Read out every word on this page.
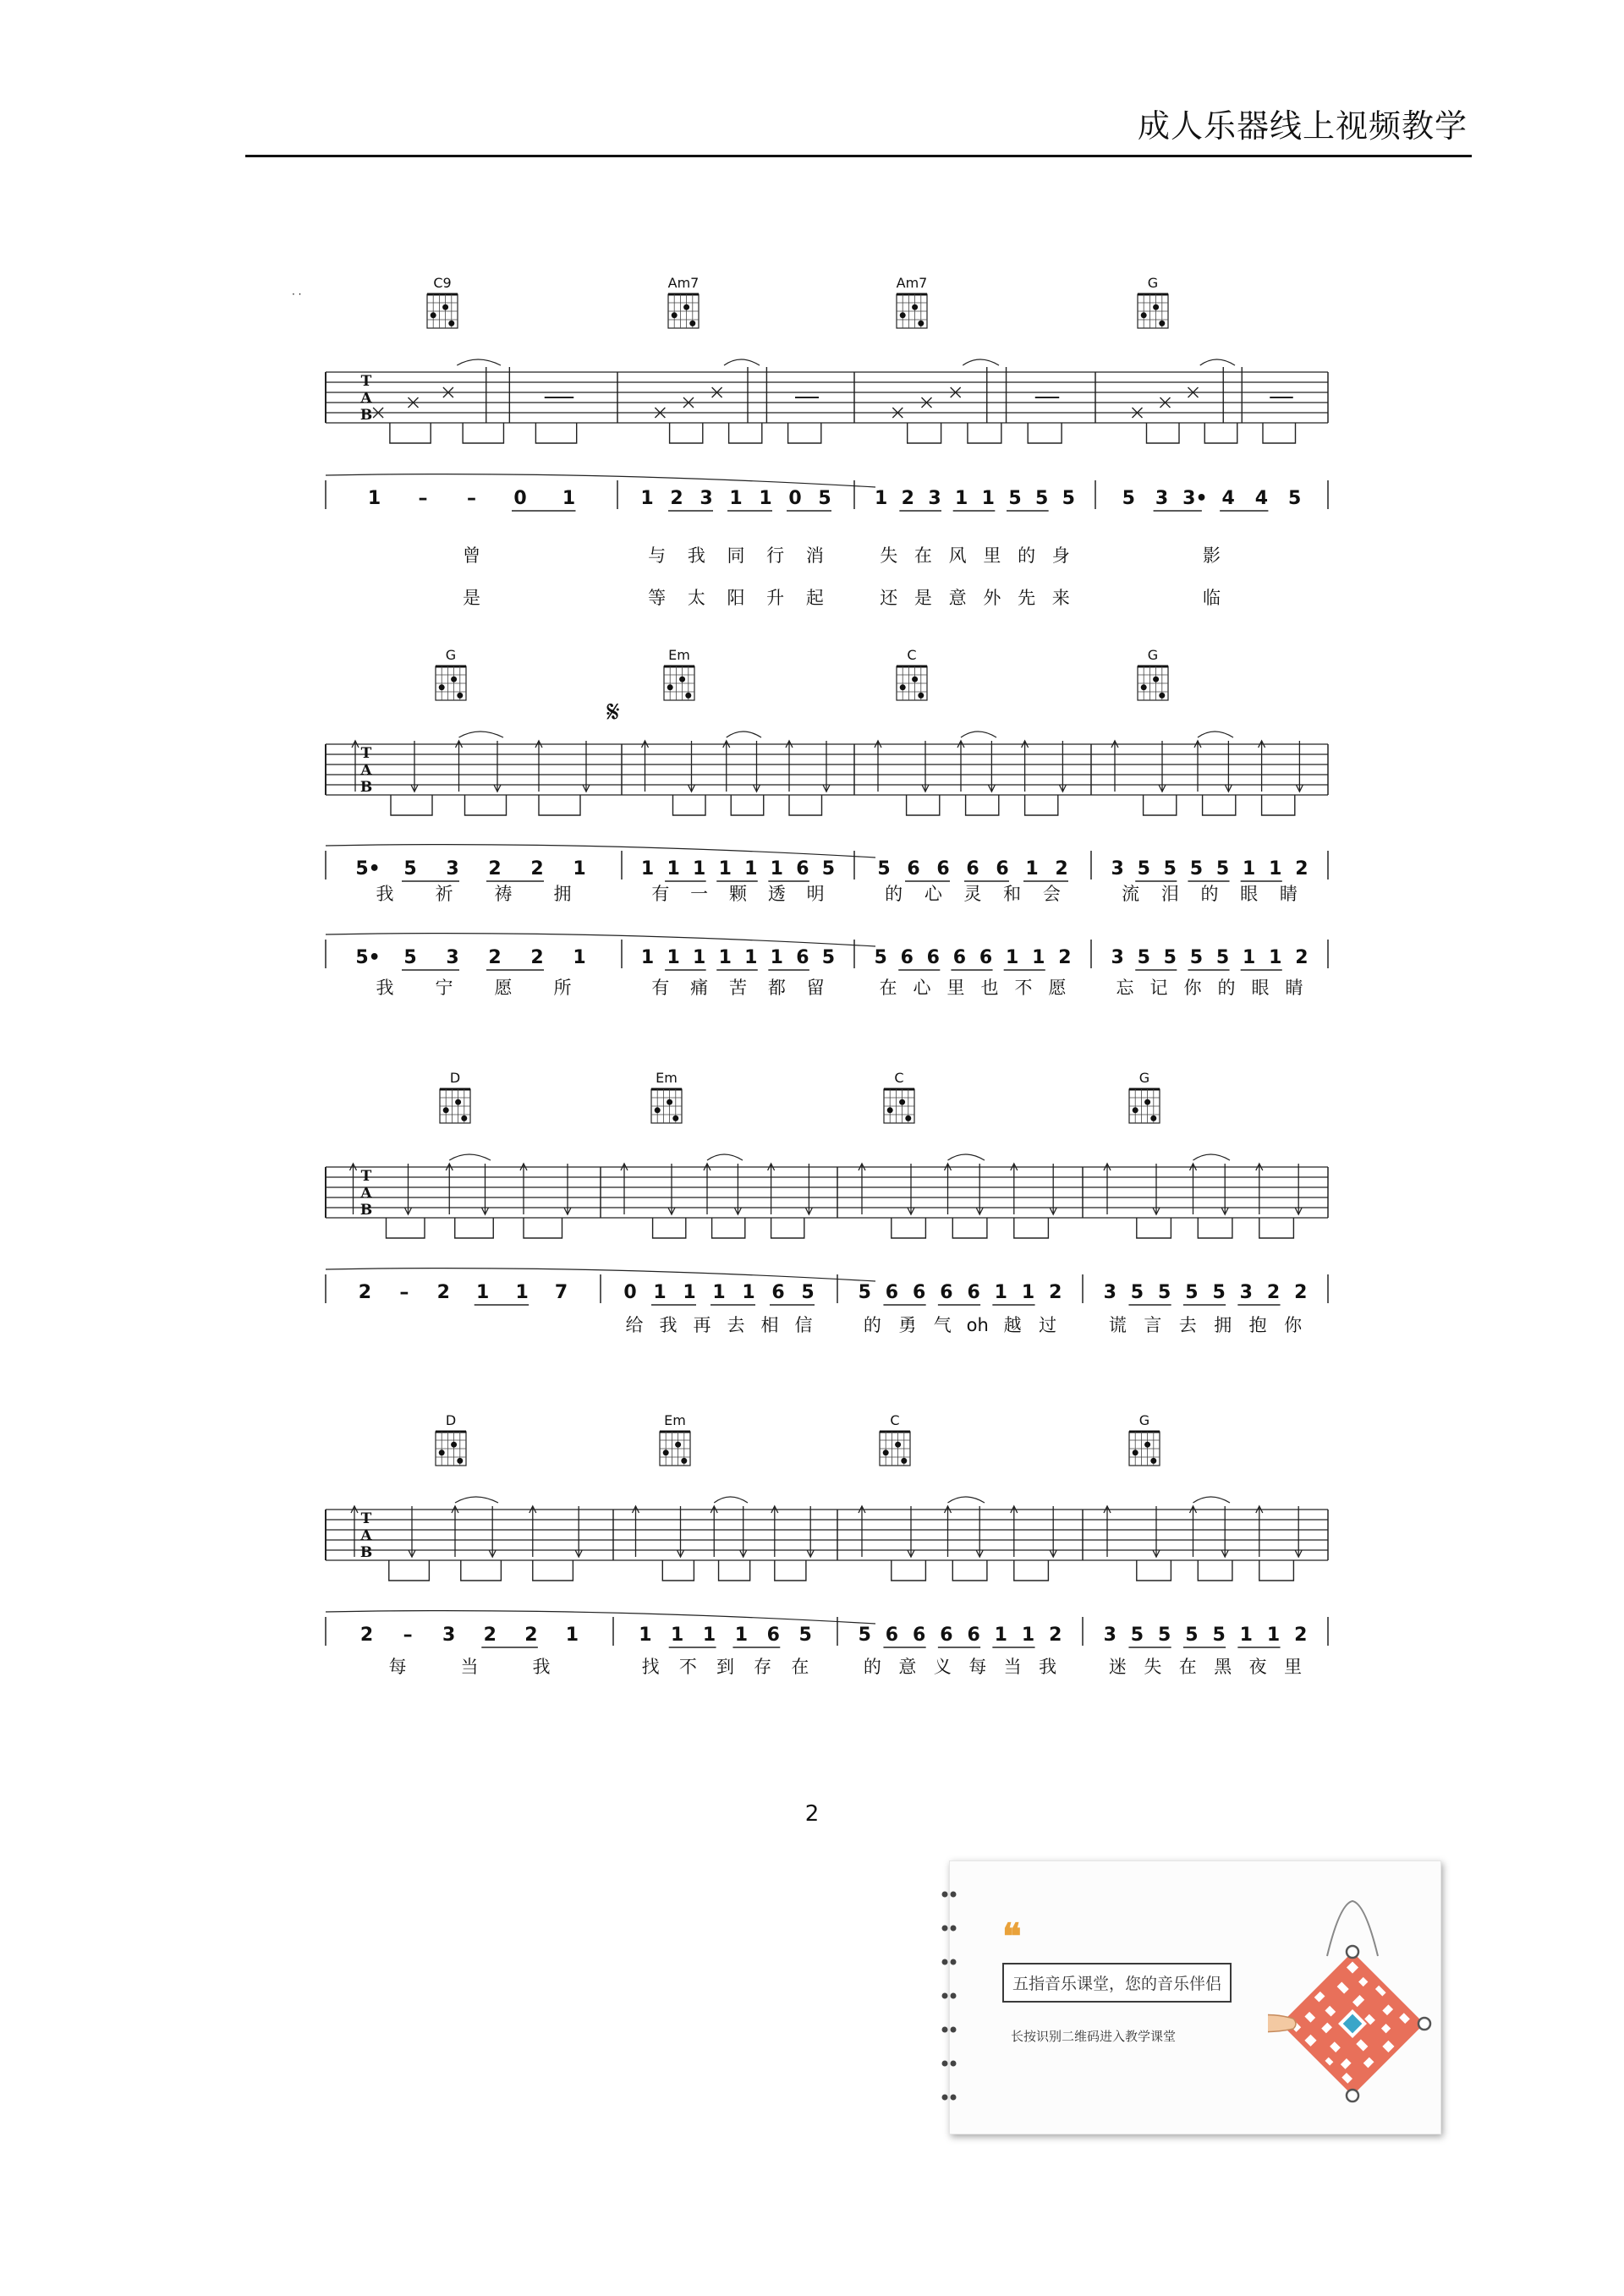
成人乐器线上视频教学
· ·
T
A
B
C9	Am7	Am7	G
1 – – 0 1	1 2 3 1 1 0 5 1 2 3 1 1 5 5 5	5 3 3• 4 4 5
曾	与 我 同 行 消	失 在 风 里 的 身	影
是	等 太 阳 升 起	还 是 意 外 先 来	临
T
A
B
𝄋
G	Em	C	G
5• 5 3 2 2 1	1 1 1 1 1 1 6 5 5 6 6 6 6 1 2 3 5 5 5 5 1 1 2
我 祈 祷 拥	有 一 颗 透 明	的 心 灵 和 会	流 泪 的 眼 睛
5• 5 3 2 2 1	1 1 1 1 1 1 6 5 5 6 6 6 6 1 1 2 3 5 5 5 5 1 1 2
我 宁 愿 所	有 痛 苦 都 留	在 心 里 也 不 愿	忘 记 你 的 眼 睛
T
A
B
D	Em	C	G
2 – 2 1 1 7	0 1 1 1 1 6 5 5 6 6 6 6 1 1 2 3 5 5 5 5 3 2 2
给 我 再 去 相 信	的 勇 气 oh 越 过	谎 言 去 拥 抱 你
T
A
B
D	Em	C	G
2 – 3 2 2 1	1 1 1 1 6 5 5 6 6 6 6 1 1 2 3 5 5 5 5 1 1 2
每	当	我	找 不 到 存 在	的 意 义 每 当 我	迷 失 在 黑 夜 里
2
❝
五指音乐课堂，您的音乐伴侣
长按识别二维码进入教学课堂
